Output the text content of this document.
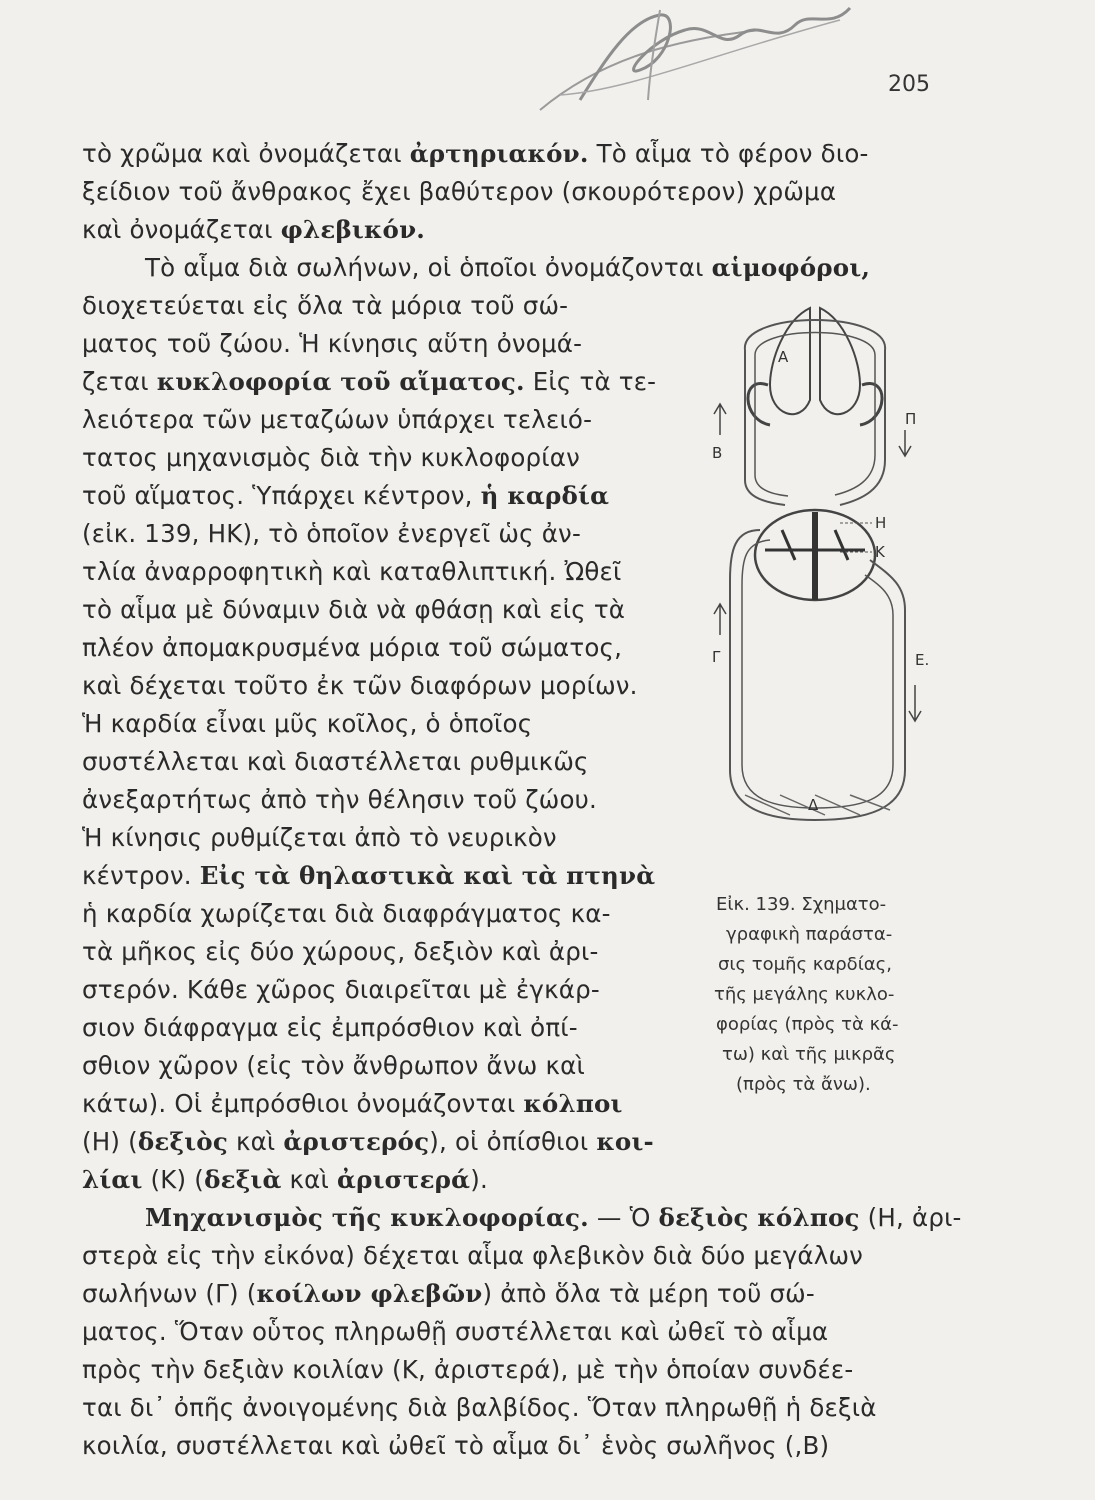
205

τὸ χρῶμα καὶ ὀνομάζεται ἀρτηριακόν. Τὸ αἷμα τὸ φέρον διο-

ξείδιον τοῦ ἄνθρακος ἔχει βαθύτερον (σκουρότερον) χρῶμα

καὶ ὀνομάζεται φλεβικόν.

Τὸ αἷμα διὰ σωλήνων, οἱ ὁποῖοι ὀνομάζονται αἱμοφόροι,

διοχετεύεται εἰς ὅλα τὰ μόρια τοῦ σώ-

ματος τοῦ ζώου. Ἡ κίνησις αὕτη ὀνομά-

ζεται κυκλοφορία τοῦ αἵματος. Εἰς τὰ τε-

λειότερα τῶν μεταζώων ὑπάρχει τελειό-

τατος μηχανισμὸς διὰ τὴν κυκλοφορίαν

τοῦ αἵματος. Ὑπάρχει κέντρον, ἡ καρδία

(εἰκ. 139, ΗΚ), τὸ ὁποῖον ἐνεργεῖ ὡς ἀν-

τλία ἀναρροφητικὴ καὶ καταθλιπτική. Ὠθεῖ

τὸ αἷμα μὲ δύναμιν διὰ νὰ φθάσῃ καὶ εἰς τὰ

πλέον ἀπομακρυσμένα μόρια τοῦ σώματος,

καὶ δέχεται τοῦτο ἐκ τῶν διαφόρων μορίων.

Ἡ καρδία εἶναι μῦς κοῖλος, ὁ ὁποῖος

συστέλλεται καὶ διαστέλλεται ρυθμικῶς

ἀνεξαρτήτως ἀπὸ τὴν θέλησιν τοῦ ζώου.

Ἡ κίνησις ρυθμίζεται ἀπὸ τὸ νευρικὸν

κέντρον. Εἰς τὰ θηλαστικὰ καὶ τὰ πτηνὰ

ἡ καρδία χωρίζεται διὰ διαφράγματος κα-

τὰ μῆκος εἰς δύο χώρους, δεξιὸν καὶ ἀρι-

στερόν. Κάθε χῶρος διαιρεῖται μὲ ἐγκάρ-

σιον διάφραγμα εἰς ἐμπρόσθιον καὶ ὀπί-

σθιον χῶρον (εἰς τὸν ἄνθρωπον ἄνω καὶ

κάτω). Οἱ ἐμπρόσθιοι ὀνομάζονται κόλποι

(Η) (δεξιὸς καὶ ἀριστερός), οἱ ὀπίσθιοι κοι-

λίαι (Κ) (δεξιὰ καὶ ἀριστερά).

Μηχανισμὸς τῆς κυκλοφορίας. — Ὁ δεξιὸς κόλπος (Η, ἀρι-

στερὰ εἰς τὴν εἰκόνα) δέχεται αἷμα φλεβικὸν διὰ δύο μεγάλων

σωλήνων (Γ) (κοίλων φλεβῶν) ἀπὸ ὅλα τὰ μέρη τοῦ σώ-

ματος. Ὅταν οὗτος πληρωθῇ συστέλλεται καὶ ὠθεῖ τὸ αἷμα

πρὸς τὴν δεξιὰν κοιλίαν (Κ, ἀριστερά), μὲ τὴν ὁποίαν συνδέε-

ται δι᾽ ὀπῆς ἀνοιγομένης διὰ βαλβίδος. Ὅταν πληρωθῇ ἡ δεξιὰ

κοιλία, συστέλλεται καὶ ὠθεῖ τὸ αἷμα δι᾽ ἑνὸς σωλῆνος (,Β)

Α
Π
Β
Η
Κ
Γ	Ε.
Δ

Εἰκ. 139. Σχηματο-

γραφικὴ παράστα-

σις τομῆς καρδίας,

τῆς μεγάλης κυκλο-

φορίας (πρὸς τὰ κά-

τω) καὶ τῆς μικρᾶς

(πρὸς τὰ ἄνω).
